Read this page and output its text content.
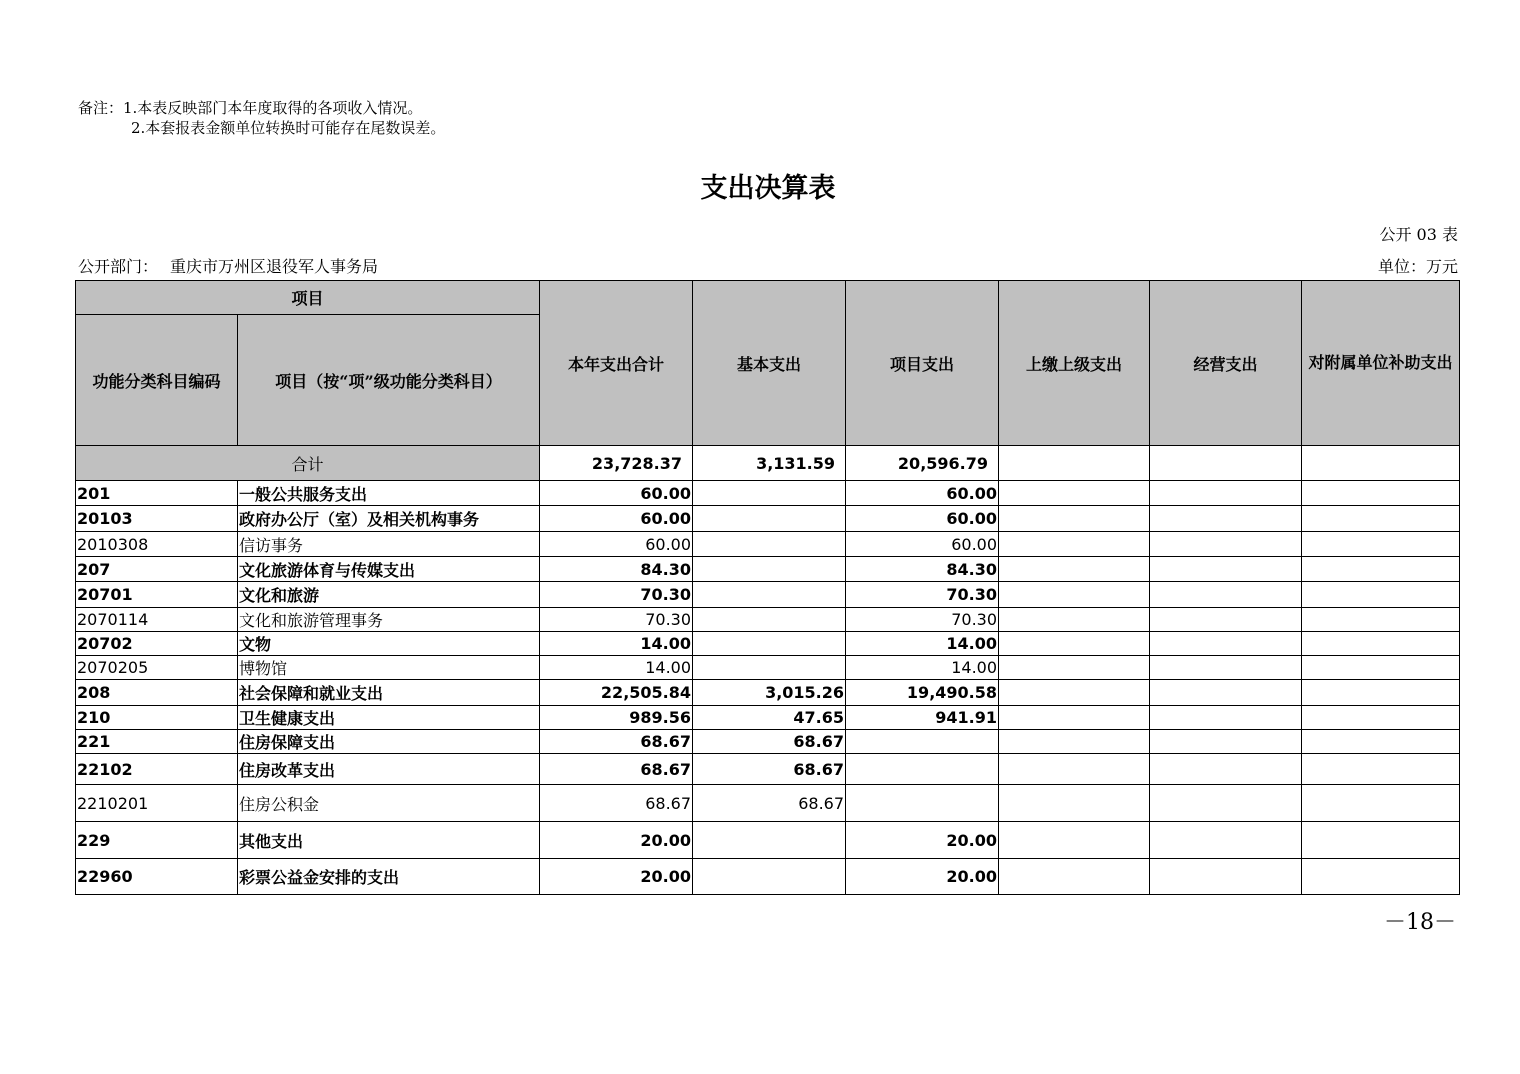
备注：1.本表反映部门本年度取得的各项收入情况。
2.本套报表金额单位转换时可能存在尾数误差。
支出决算表
公开 03 表
公开部门： 重庆市万州区退役军人事务局	单位：万元
项目		本年支出合计	基本支出	项目支出	上缴上级支出	经营支出	对附属单位补助支出
功能分类科目编码	项目（按“项”级功能分类科目）						
合计		23,728.37	3,131.59	20,596.79			
201	一般公共服务支出	60.00		60.00			
20103	政府办公厅（室）及相关机构事务	60.00		60.00			
2010308	信访事务	60.00		60.00			
207	文化旅游体育与传媒支出	84.30		84.30			
20701	文化和旅游	70.30		70.30			
2070114	文化和旅游管理事务	70.30		70.30			
20702	文物	14.00		14.00			
2070205	博物馆	14.00		14.00			
208	社会保障和就业支出	22,505.84	3,015.26	19,490.58			
210	卫生健康支出	989.56	47.65	941.91			
221	住房保障支出	68.67	68.67				
22102	住房改革支出	68.67	68.67				
2210201	住房公积金	68.67	68.67				
229	其他支出	20.00		20.00			
22960	彩票公益金安排的支出	20.00		20.00			
－18－
